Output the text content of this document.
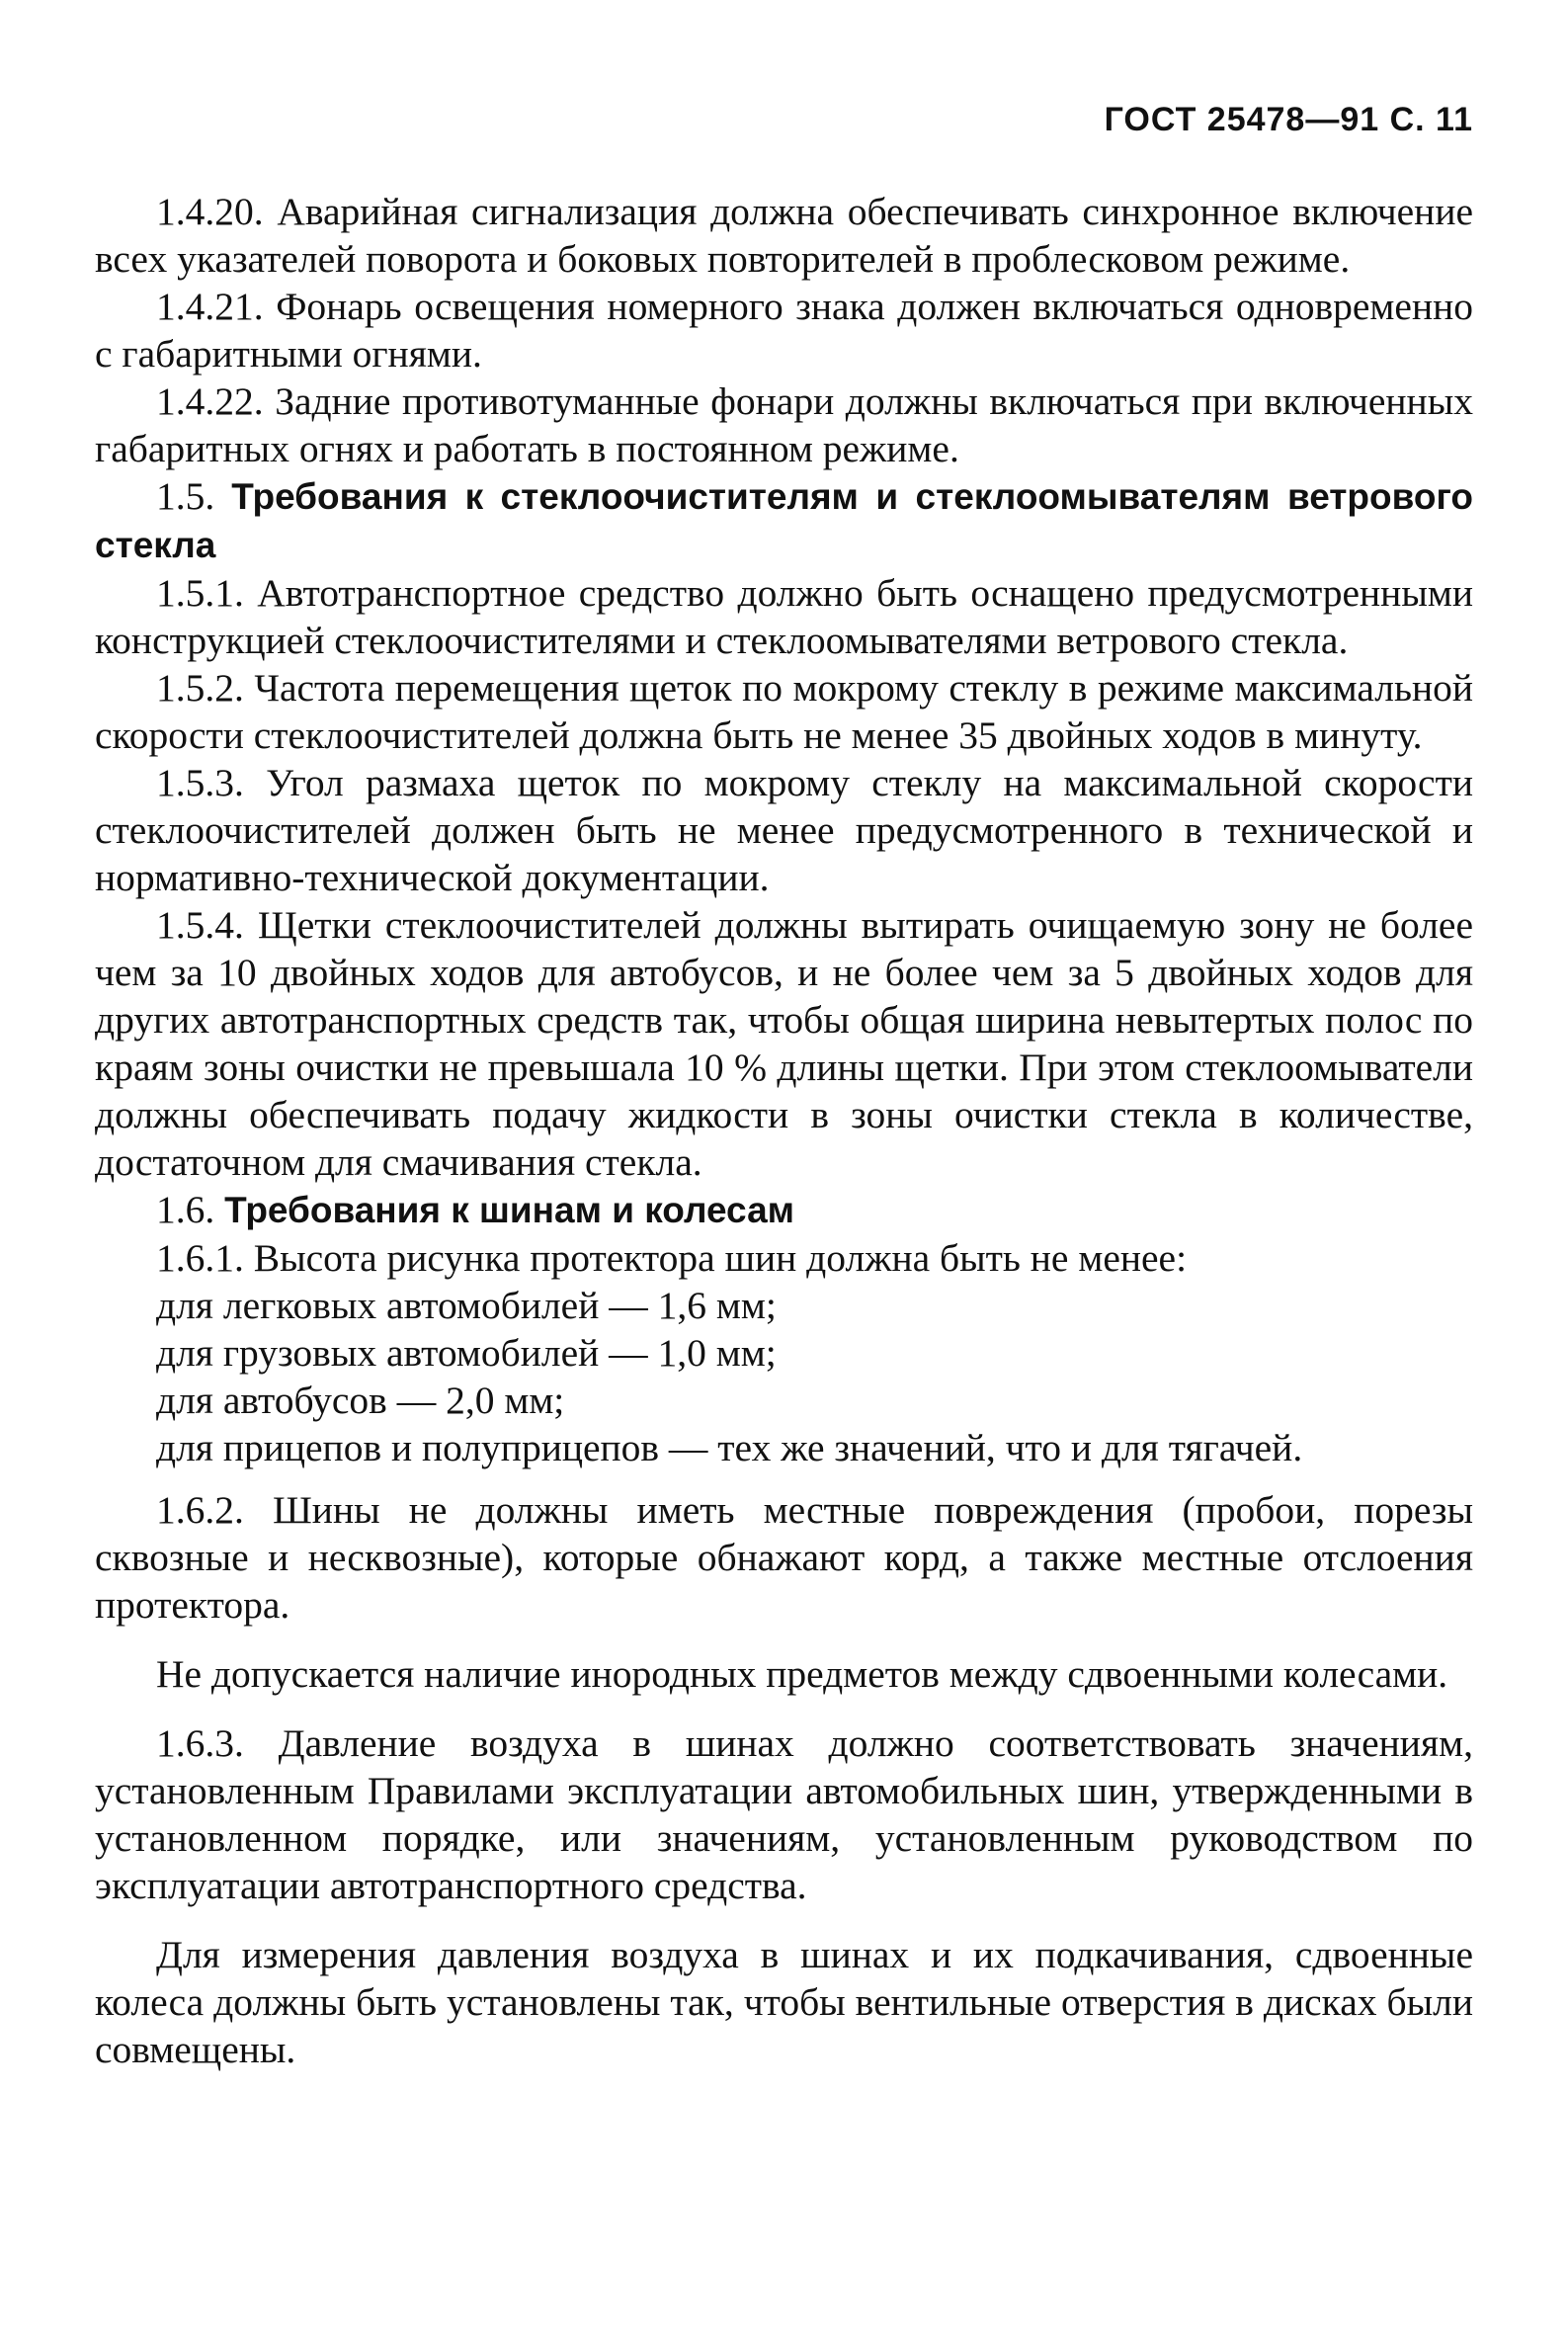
ГОСТ 25478—91 С. 11

1.4.20. Аварийная сигнализация должна обеспечивать синхронное включение всех указателей поворота и боковых повторителей в проблесковом режиме.

1.4.21. Фонарь освещения номерного знака должен включаться одновременно с габаритными огнями.

1.4.22. Задние противотуманные фонари должны включаться при включенных габаритных огнях и работать в постоянном режиме.

1.5. Требования к стеклоочистителям и стеклоомывателям ветрового стекла

1.5.1. Автотранспортное средство должно быть оснащено предусмотренными конструкцией стеклоочистителями и стеклоомывателями ветрового стекла.

1.5.2. Частота перемещения щеток по мокрому стеклу в режиме максимальной скорости стеклоочистителей должна быть не менее 35 двойных ходов в минуту.

1.5.3. Угол размаха щеток по мокрому стеклу на максимальной скорости стеклоочистителей должен быть не менее предусмотренного в технической и нормативно-технической документации.

1.5.4. Щетки стеклоочистителей должны вытирать очищаемую зону не более чем за 10 двойных ходов для автобусов, и не более чем за 5 двойных ходов для других автотранспортных средств так, чтобы общая ширина невытертых полос по краям зоны очистки не превышала 10 % длины щетки. При этом стеклоомыватели должны обеспечивать подачу жидкости в зоны очистки стекла в количестве, достаточном для смачивания стекла.

1.6. Требования к шинам и колесам

1.6.1. Высота рисунка протектора шин должна быть не менее:

для легковых автомобилей — 1,6 мм;

для грузовых автомобилей — 1,0 мм;

для автобусов — 2,0 мм;

для прицепов и полуприцепов — тех же значений, что и для тягачей.

1.6.2. Шины не должны иметь местные повреждения (пробои, порезы сквозные и несквозные), которые обнажают корд, а также местные отслоения протектора.

Не допускается наличие инородных предметов между сдвоенными колесами.

1.6.3. Давление воздуха в шинах должно соответствовать значениям, установленным Правилами эксплуатации автомобильных шин, утвержденными в установленном порядке, или значениям, установленным руководством по эксплуатации автотранспортного средства.

Для измерения давления воздуха в шинах и их подкачивания, сдвоенные колеса должны быть установлены так, чтобы вентильные отверстия в дисках были совмещены.
